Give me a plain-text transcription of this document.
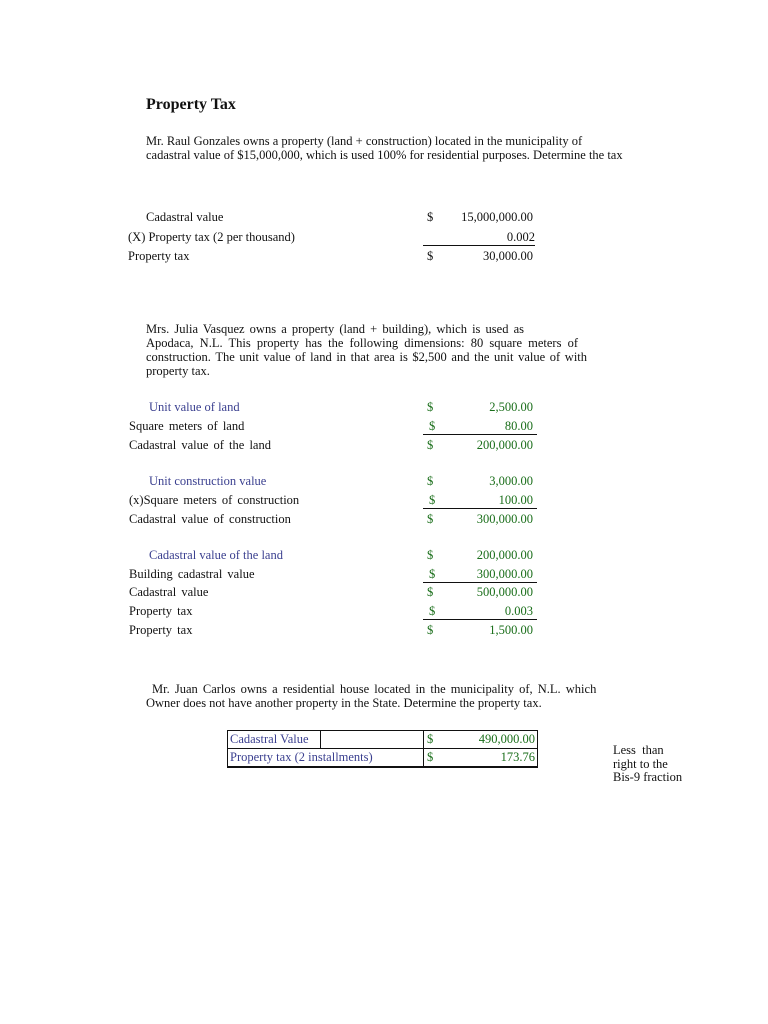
Property Tax
Mr. Raul Gonzales owns a property (land + construction) located in the municipality of
cadastral value of $15,000,000, which is used 100% for residential purposes. Determine the tax
Cadastral value	$	15,000,000.00
(X) Property tax (2 per thousand)	0.002
Property tax	$	30,000.00
Mrs. Julia Vasquez owns a property (land + building), which is used as
Apodaca, N.L. This property has the following dimensions: 80 square meters of
construction. The unit value of land in that area is $2,500 and the unit value of with
property tax.
Unit value of land	$	2,500.00
Square meters of land	$	80.00
Cadastral value of the land	$	200,000.00
Unit construction value	$	3,000.00
(x)Square meters of construction	$	100.00
Cadastral value of construction	$	300,000.00
Cadastral value of the land	$	200,000.00
Building cadastral value	$	300,000.00
Cadastral value	$	500,000.00
Property tax	$	0.003
Property tax	$	1,500.00
Mr. Juan Carlos owns a residential house located in the municipality of, N.L. which
Owner does not have another property in the State. Determine the property tax.
Cadastral Value		$	490,000.00
Property tax (2 installments)		$	173.76	Less  than
right to the
Bis-9 fraction
